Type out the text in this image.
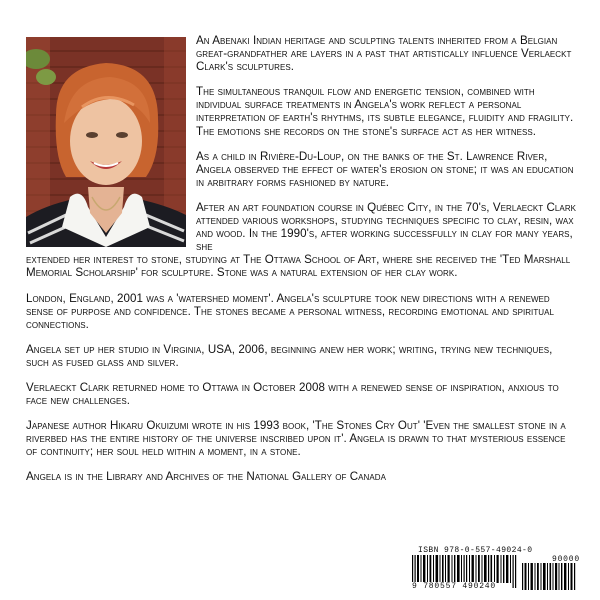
An Abenaki Indian heritage and sculpting talents inherited from a Belgian great-grandfather are layers in a past that artistically influence Verlaeckt Clark's sculptures.

The simultaneous tranquil flow and energetic tension, combined with individual surface treatments in Angela's work reflect a personal interpretation of earth's rhythms, its subtle elegance, fluidity and fragility. The emotions she records on the stone's surface act as her witness.

As a child in Rivière-Du-Loup, on the banks of the St. Lawrence River, Angela observed the effect of water's erosion on stone; it was an education in arbitrary forms fashioned by nature.

After an art foundation course in Québec City, in the 70's, Verlaeckt Clark attended various workshops, studying techniques specific to clay, resin, wax and wood. In the 1990's, after working successfully in clay for many years, she

extended her interest to stone, studying at The Ottawa School of Art, where she received the 'Ted Marshall Memorial Scholarship' for sculpture. Stone was a natural extension of her clay work.

London, England, 2001 was a 'watershed moment'. Angela's sculpture took new directions with a renewed sense of purpose and confidence. The stones became a personal witness, recording emotional and spiritual connections.

Angela set up her studio in Virginia, USA, 2006, beginning anew her work; writing, trying new techniques, such as fused glass and silver.

Verlaeckt Clark returned home to Ottawa in October 2008 with a renewed sense of inspiration, anxious to face new challenges.

Japanese author Hikaru Okuizumi wrote in his 1993 book, 'The Stones Cry Out' 'Even the smallest stone in a riverbed has the entire history of the universe inscribed upon it'. Angela is drawn to that mysterious essence of continuity; her soul held within a moment, in a stone.

Angela is in the Library and Archives of the National Gallery of Canada

ISBN 978-0-557-49024-0
90000
9 780557 490240
